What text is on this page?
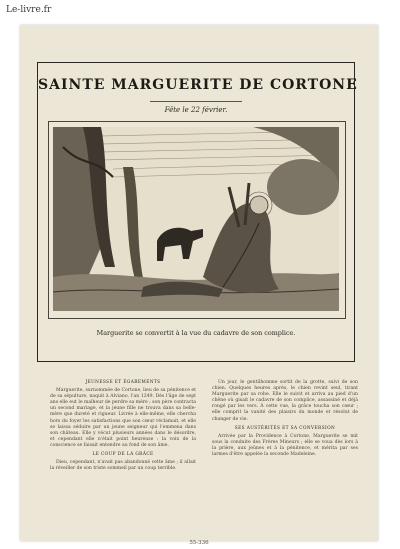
Le-livre.fr
SAINTE MARGUERITE DE CORTONE
Fête le 22 février.
Marguerite se convertit à la vue du cadavre de son complice.
JEUNESSE ET ÉGAREMENTS

Marguerite, surnommée de Cortone, lieu de sa pénitence et de sa sépulture, naquit à Alviano, l'an 1249. Dès l'âge de sept ans elle eut le malheur de perdre sa mère ; son père contracta un second mariage, et la jeune fille ne trouva dans sa belle-mère que dureté et rigueur. Livrée à elle-même, elle chercha hors du foyer les satisfactions que son cœur réclamait, et elle se laissa séduire par un jeune seigneur qui l'emmena dans son château. Elle y vécut plusieurs années dans le désordre, et cependant elle n'était point heureuse : la voix de la conscience se faisait entendre au fond de son âme.

LE COUP DE LA GRÂCE

Dieu, cependant, n'avait pas abandonné cette âme ; il allait la réveiller de son triste sommeil par un coup terrible.

Un jour, le gentilhomme sortit de la grotte, suivi de son chien. Quelques heures après, le chien revint seul, tirant Marguerite par sa robe. Elle le suivit et arriva au pied d'un chêne où gisait le cadavre de son complice, assassiné et déjà rongé par les vers. À cette vue, la grâce toucha son cœur ; elle comprit la vanité des plaisirs du monde et résolut de changer de vie.

SES AUSTÉRITÉS ET SA CONVERSION

Arrivée par la Providence à Cortone, Marguerite se mit sous la conduite des Frères Mineurs ; elle se voua dès lors à la prière, aux jeûnes et à la pénitence, et mérita par ses larmes d'être appelée la seconde Madeleine.

55-336
